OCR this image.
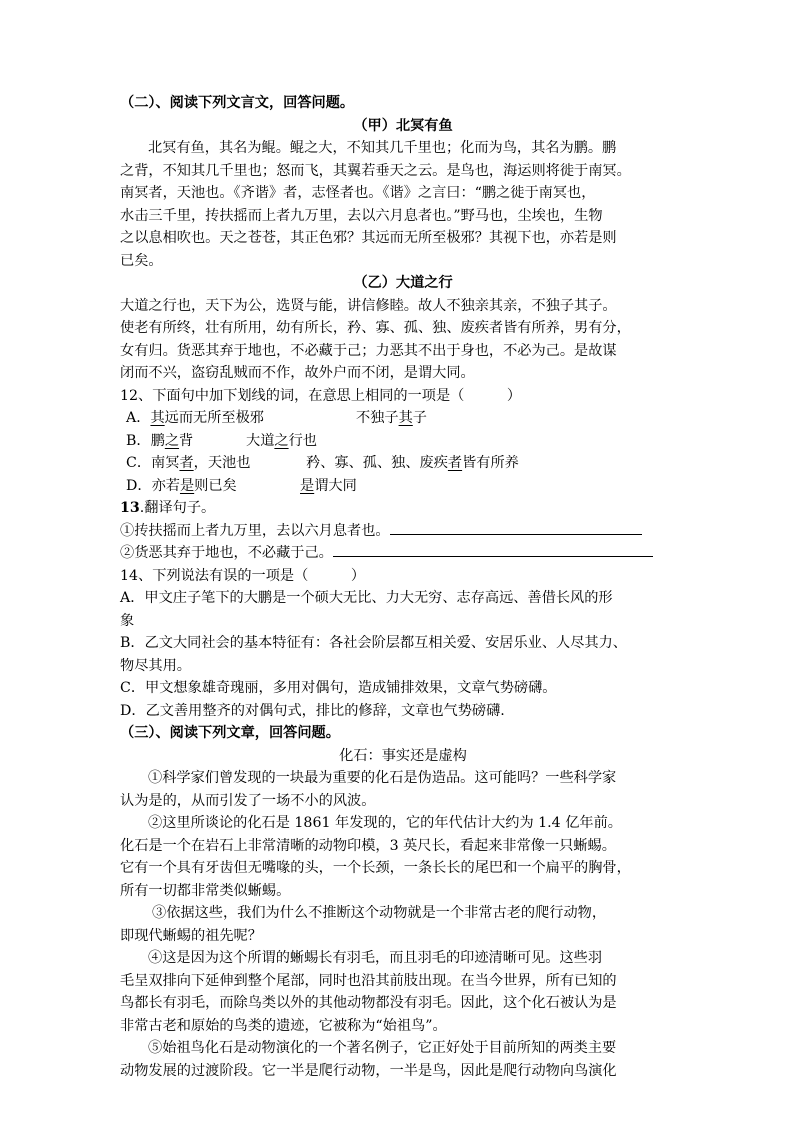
（二）、阅读下列文言文，回答问题。
（甲）北冥有鱼
北冥有鱼，其名为鲲。鲲之大，不知其几千里也；化而为鸟，其名为鹏。鹏
之背，不知其几千里也；怒而飞，其翼若垂天之云。是鸟也，海运则将徙于南冥。
南冥者，天池也。《齐谐》者，志怪者也。《谐》之言曰：“鹏之徙于南冥也，
水击三千里，抟扶摇而上者九万里，去以六月息者也。”野马也，尘埃也，生物
之以息相吹也。天之苍苍，其正色邪？其远而无所至极邪？其视下也，亦若是则
已矣。
（乙）大道之行
大道之行也，天下为公，选贤与能，讲信修睦。故人不独亲其亲，不独子其子。
使老有所终，壮有所用，幼有所长，矜、寡、孤、独、废疾者皆有所养，男有分，
女有归。货恶其弃于地也，不必藏于己；力恶其不出于身也，不必为己。是故谋
闭而不兴，盗窃乱贼而不作，故外户而不闭，是谓大同。
12、下面句中加下划线的词，在意思上相同的一项是（　　　）
A．其远而无所至极邪	不独子其子
B．鹏之背	大道之行也
C．南冥者，天池也	矜、寡、孤、独、废疾者皆有所养
D．亦若是则已矣	是谓大同
13.翻译句子。
①抟扶摇而上者九万里，去以六月息者也。
②货恶其弃于地也，不必藏于己。
14、下列说法有误的一项是（　　　）
A．甲文庄子笔下的大鹏是一个硕大无比、力大无穷、志存高远、善借长风的形
象
B．乙文大同社会的基本特征有：各社会阶层都互相关爱、安居乐业、人尽其力、
物尽其用。
C．甲文想象雄奇瑰丽，多用对偶句，造成铺排效果，文章气势磅礴。
D．乙文善用整齐的对偶句式，排比的修辞，文章也气势磅礴.
（三）、阅读下列文章，回答问题。
化石：事实还是虚构
①科学家们曾发现的一块最为重要的化石是伪造品。这可能吗？一些科学家
认为是的，从而引发了一场不小的风波。
②这里所谈论的化石是 1861 年发现的，它的年代估计大约为 1.4 亿年前。
化石是一个在岩石上非常清晰的动物印模，3 英尺长，看起来非常像一只蜥蜴。
它有一个具有牙齿但无嘴喙的头，一个长颈，一条长长的尾巴和一个扁平的胸骨，
所有一切都非常类似蜥蜴。
③依据这些，我们为什么不推断这个动物就是一个非常古老的爬行动物，
即现代蜥蜴的祖先呢？
④这是因为这个所谓的蜥蜴长有羽毛，而且羽毛的印迹清晰可见。这些羽
毛呈双排向下延伸到整个尾部，同时也沿其前肢出现。在当今世界，所有已知的
鸟都长有羽毛，而除鸟类以外的其他动物都没有羽毛。因此，这个化石被认为是
非常古老和原始的鸟类的遗迹，它被称为“始祖鸟”。
⑤始祖鸟化石是动物演化的一个著名例子，它正好处于目前所知的两类主要
动物发展的过渡阶段。它一半是爬行动物，一半是鸟，因此是爬行动物向鸟演化
